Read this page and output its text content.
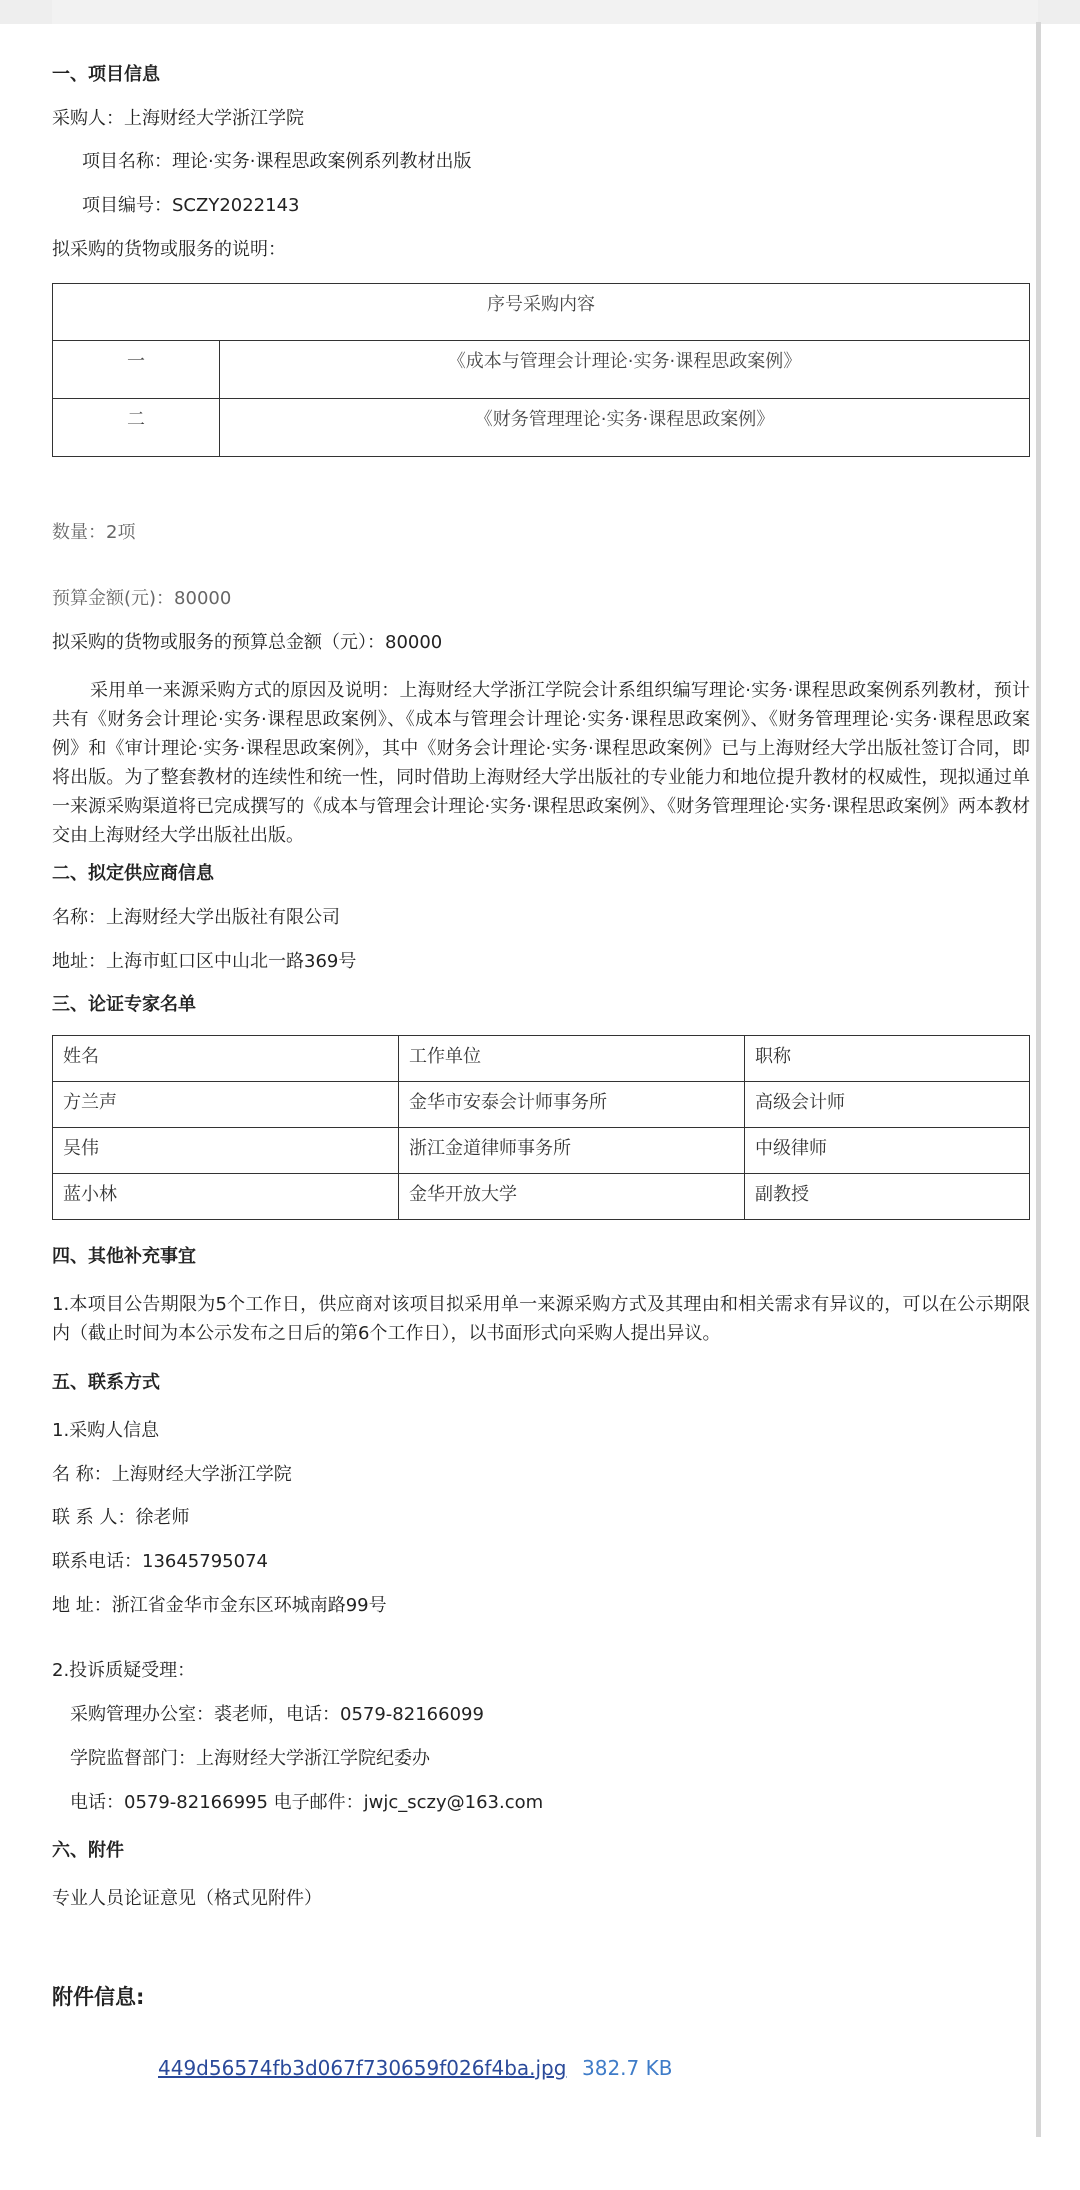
一、项目信息
采购人：上海财经大学浙江学院
项目名称：理论·实务·课程思政案例系列教材出版
项目编号：SCZY2022143
拟采购的货物或服务的说明：
序号采购内容	
一	《成本与管理会计理论·实务·课程思政案例》
二	《财务管理理论·实务·课程思政案例》
数量：2项
预算金额(元)：80000
拟采购的货物或服务的预算总金额（元）：80000
采用单一来源采购方式的原因及说明：上海财经大学浙江学院会计系组织编写理论·实务·课程思政案例系列教材，预计共有《财务会计理论·实务·课程思政案例》、《成本与管理会计理论·实务·课程思政案例》、《财务管理理论·实务·课程思政案例》和《审计理论·实务·课程思政案例》，其中《财务会计理论·实务·课程思政案例》已与上海财经大学出版社签订合同，即将出版。为了整套教材的连续性和统一性，同时借助上海财经大学出版社的专业能力和地位提升教材的权威性，现拟通过单一来源采购渠道将已完成撰写的《成本与管理会计理论·实务·课程思政案例》、《财务管理理论·实务·课程思政案例》两本教材交由上海财经大学出版社出版。
二、拟定供应商信息
名称：上海财经大学出版社有限公司
地址：上海市虹口区中山北一路369号
三、论证专家名单
姓名	工作单位	职称
方兰声	金华市安泰会计师事务所	高级会计师
吴伟	浙江金道律师事务所	中级律师
蓝小林	金华开放大学	副教授
四、其他补充事宜
1.本项目公告期限为5个工作日，供应商对该项目拟采用单一来源采购方式及其理由和相关需求有异议的，可以在公示期限内（截止时间为本公示发布之日后的第6个工作日），以书面形式向采购人提出异议。
五、联系方式
1.采购人信息
名 称：上海财经大学浙江学院
联 系 人：徐老师
联系电话：13645795074
地 址：浙江省金华市金东区环城南路99号
2.投诉质疑受理：
采购管理办公室：裘老师，电话：0579-82166099
学院监督部门：上海财经大学浙江学院纪委办
电话：0579-82166995 电子邮件：jwjc_sczy@163.com
六、附件
专业人员论证意见（格式见附件）
附件信息:
449d56574fb3d067f730659f026f4ba.jpg 382.7 KB
